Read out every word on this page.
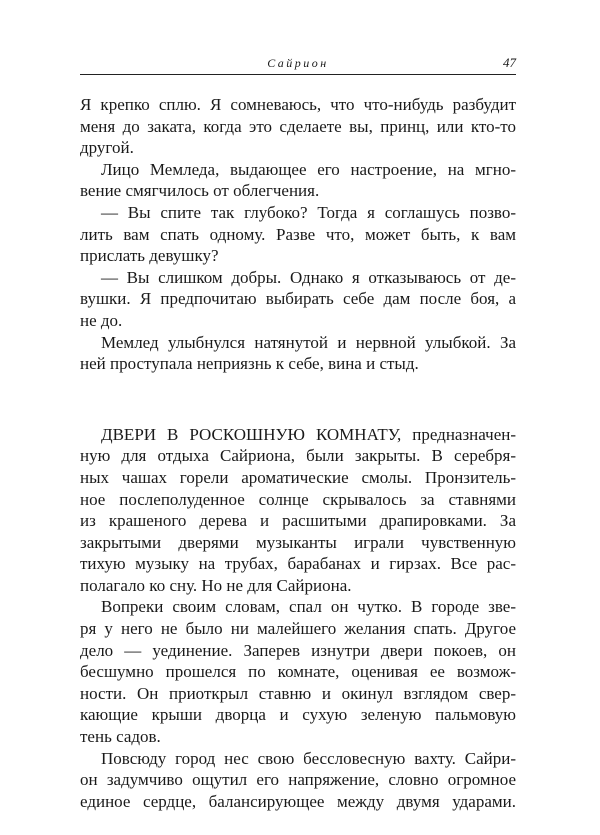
Сайрион	47
Я крепко сплю. Я сомневаюсь, что что-нибудь разбудит
меня до заката, когда это сделаете вы, принц, или кто-то
другой.
Лицо Мемледа, выдающее его настроение, на мгно-
вение смягчилось от облегчения.
— Вы спите так глубоко? Тогда я соглашусь позво-
лить вам спать одному. Разве что, может быть, к вам
прислать девушку?
— Вы слишком добры. Однако я отказываюсь от де-
вушки. Я предпочитаю выбирать себе дам после боя, а
не до.
Мемлед улыбнулся натянутой и нервной улыбкой. За
ней проступала неприязнь к себе, вина и стыд.
ДВЕРИ В РОСКОШНУЮ КОМНАТУ, предназначен-
ную для отдыха Сайриона, были закрыты. В серебря-
ных чашах горели ароматические смолы. Пронзитель-
ное послеполуденное солнце скрывалось за ставнями
из крашеного дерева и расшитыми драпировками. За
закрытыми дверями музыканты играли чувственную
тихую музыку на трубах, барабанах и гирзах. Все рас-
полагало ко сну. Но не для Сайриона.
Вопреки своим словам, спал он чутко. В городе зве-
ря у него не было ни малейшего желания спать. Другое
дело — уединение. Заперев изнутри двери покоев, он
бесшумно прошелся по комнате, оценивая ее возмож-
ности. Он приоткрыл ставню и окинул взглядом свер-
кающие крыши дворца и сухую зеленую пальмовую
тень садов.
Повсюду город нес свою бессловесную вахту. Сайри-
он задумчиво ощутил его напряжение, словно огромное
единое сердце, балансирующее между двумя ударами.
